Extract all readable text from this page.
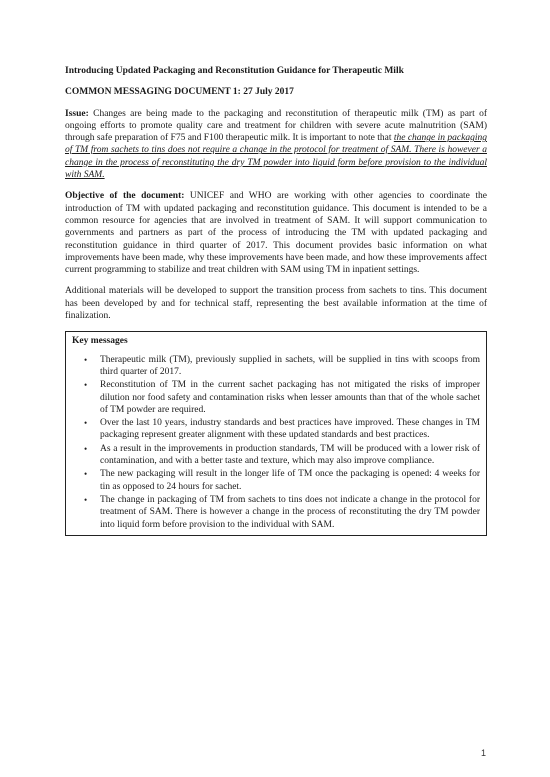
Introducing Updated Packaging and Reconstitution Guidance for Therapeutic Milk
COMMON MESSAGING DOCUMENT 1: 27 July 2017

Issue: Changes are being made to the packaging and reconstitution of therapeutic milk (TM) as part of ongoing efforts to promote quality care and treatment for children with severe acute malnutrition (SAM) through safe preparation of F75 and F100 therapeutic milk. It is important to note that the change in packaging of TM from sachets to tins does not require a change in the protocol for treatment of SAM. There is however a change in the process of reconstituting the dry TM powder into liquid form before provision to the individual with SAM.

Objective of the document: UNICEF and WHO are working with other agencies to coordinate the introduction of TM with updated packaging and reconstitution guidance. This document is intended to be a common resource for agencies that are involved in treatment of SAM. It will support communication to governments and partners as part of the process of introducing the TM with updated packaging and reconstitution guidance in third quarter of 2017. This document provides basic information on what improvements have been made, why these improvements have been made, and how these improvements affect current programming to stabilize and treat children with SAM using TM in inpatient settings.

Additional materials will be developed to support the transition process from sachets to tins. This document has been developed by and for technical staff, representing the best available information at the time of finalization.

Key messages
• Therapeutic milk (TM), previously supplied in sachets, will be supplied in tins with scoops from third quarter of 2017.
• Reconstitution of TM in the current sachet packaging has not mitigated the risks of improper dilution nor food safety and contamination risks when lesser amounts than that of the whole sachet of TM powder are required.
• Over the last 10 years, industry standards and best practices have improved. These changes in TM packaging represent greater alignment with these updated standards and best practices.
• As a result in the improvements in production standards, TM will be produced with a lower risk of contamination, and with a better taste and texture, which may also improve compliance.
• The new packaging will result in the longer life of TM once the packaging is opened: 4 weeks for tin as opposed to 24 hours for sachet.
• The change in packaging of TM from sachets to tins does not indicate a change in the protocol for treatment of SAM. There is however a change in the process of reconstituting the dry TM powder into liquid form before provision to the individual with SAM.
1
